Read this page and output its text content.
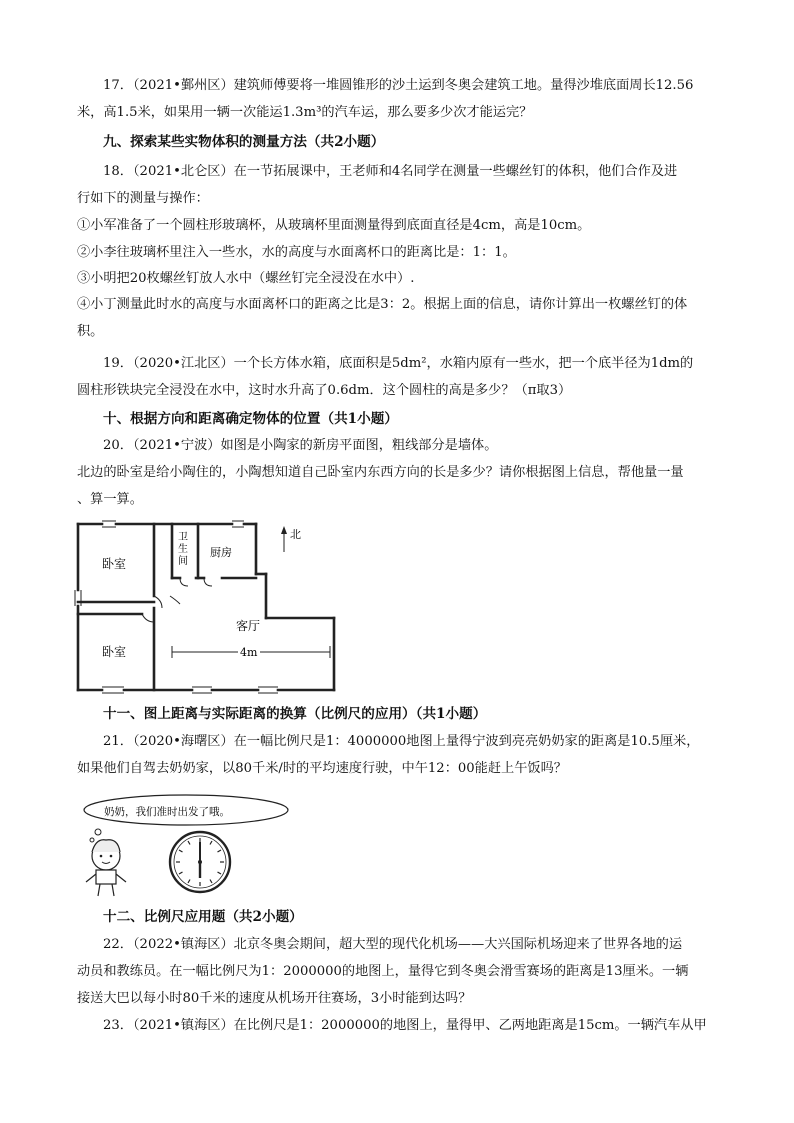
17．（2021•鄞州区）建筑师傅要将一堆圆锥形的沙土运到冬奥会建筑工地。量得沙堆底面周长12.56

米，高1.5米，如果用一辆一次能运1.3m³的汽车运，那么要多少次才能运完？

九、探索某些实物体积的测量方法（共2小题）

18．（2021•北仑区）在一节拓展课中，王老师和4名同学在测量一些螺丝钉的体积，他们合作及进

行如下的测量与操作：

①小军准备了一个圆柱形玻璃杯，从玻璃杯里面测量得到底面直径是4cm，高是10cm。

②小李往玻璃杯里注入一些水，水的高度与水面离杯口的距离比是：1：1。

③小明把20枚螺丝钉放人水中（螺丝钉完全浸没在水中）.

④小丁测量此时水的高度与水面离杯口的距离之比是3：2。根据上面的信息，请你计算出一枚螺丝钉的体

积。

19．（2020•江北区）一个长方体水箱，底面积是5dm²，水箱内原有一些水，把一个底半径为1dm的

圆柱形铁块完全浸没在水中，这时水升高了0.6dm．这个圆柱的高是多少？（π取3）

十、根据方向和距离确定物体的位置（共1小题）

20．（2021•宁波）如图是小陶家的新房平面图，粗线部分是墙体。

北边的卧室是给小陶住的，小陶想知道自己卧室内东西方向的长是多少？请你根据图上信息，帮他量一量

、算一算。

北
卧室
卫
生
间
厨房
客厅
卧室	4m

十一、图上距离与实际距离的换算（比例尺的应用）（共1小题）

21．（2020•海曙区）在一幅比例尺是1：4000000地图上量得宁波到亮亮奶奶家的距离是10.5厘米，

如果他们自驾去奶奶家，以80千米/时的平均速度行驶，中午12：00能赶上午饭吗？

奶奶，我们准时出发了哦。

十二、比例尺应用题（共2小题）

22．（2022•镇海区）北京冬奥会期间，超大型的现代化机场——大兴国际机场迎来了世界各地的运

动员和教练员。在一幅比例尺为1：2000000的地图上，量得它到冬奥会滑雪赛场的距离是13厘米。一辆

接送大巴以每小时80千米的速度从机场开往赛场，3小时能到达吗？

23．（2021•镇海区）在比例尺是1：2000000的地图上，量得甲、乙两地距离是15cm。一辆汽车从甲
